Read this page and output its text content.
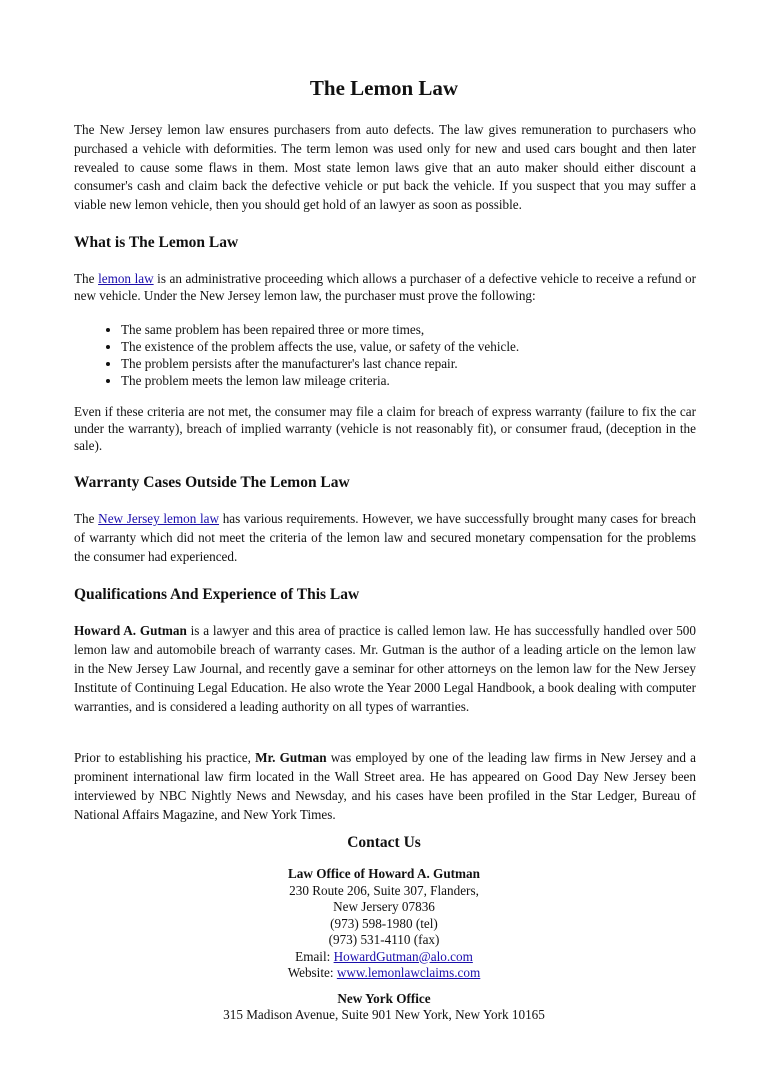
The Lemon Law
The New Jersey lemon law ensures purchasers from auto defects. The law gives remuneration to purchasers who purchased a vehicle with deformities. The term lemon was used only for new and used cars bought and then later revealed to cause some flaws in them. Most state lemon laws give that an auto maker should either discount a consumer's cash and claim back the defective vehicle or put back the vehicle. If you suspect that you may suffer a viable new lemon vehicle, then you should get hold of an lawyer as soon as possible.
What is The Lemon Law
The lemon law is an administrative proceeding which allows a purchaser of a defective vehicle to receive a refund or new vehicle. Under the New Jersey lemon law, the purchaser must prove the following:
• The same problem has been repaired three or more times,
• The existence of the problem affects the use, value, or safety of the vehicle.
• The problem persists after the manufacturer's last chance repair.
• The problem meets the lemon law mileage criteria.
Even if these criteria are not met, the consumer may file a claim for breach of express warranty (failure to fix the car under the warranty), breach of implied warranty (vehicle is not reasonably fit), or consumer fraud, (deception in the sale).
Warranty Cases Outside The Lemon Law
The New Jersey lemon law has various requirements. However, we have successfully brought many cases for breach of warranty which did not meet the criteria of the lemon law and secured monetary compensation for the problems the consumer had experienced.
Qualifications And Experience of This Law
Howard A. Gutman is a lawyer and this area of practice is called lemon law. He has successfully handled over 500 lemon law and automobile breach of warranty cases. Mr. Gutman is the author of a leading article on the lemon law in the New Jersey Law Journal, and recently gave a seminar for other attorneys on the lemon law for the New Jersey Institute of Continuing Legal Education. He also wrote the Year 2000 Legal Handbook, a book dealing with computer warranties, and is considered a leading authority on all types of warranties.
Prior to establishing his practice, Mr. Gutman was employed by one of the leading law firms in New Jersey and a prominent international law firm located in the Wall Street area. He has appeared on Good Day New Jersey been interviewed by NBC Nightly News and Newsday, and his cases have been profiled in the Star Ledger, Bureau of National Affairs Magazine, and New York Times.
Contact Us
Law Office of Howard A. Gutman
230 Route 206, Suite 307, Flanders,
New Jersery 07836
(973) 598-1980 (tel)
(973) 531-4110 (fax)
Email: HowardGutman@alo.com
Website: www.lemonlawclaims.com
New York Office
315 Madison Avenue, Suite 901 New York, New York 10165
